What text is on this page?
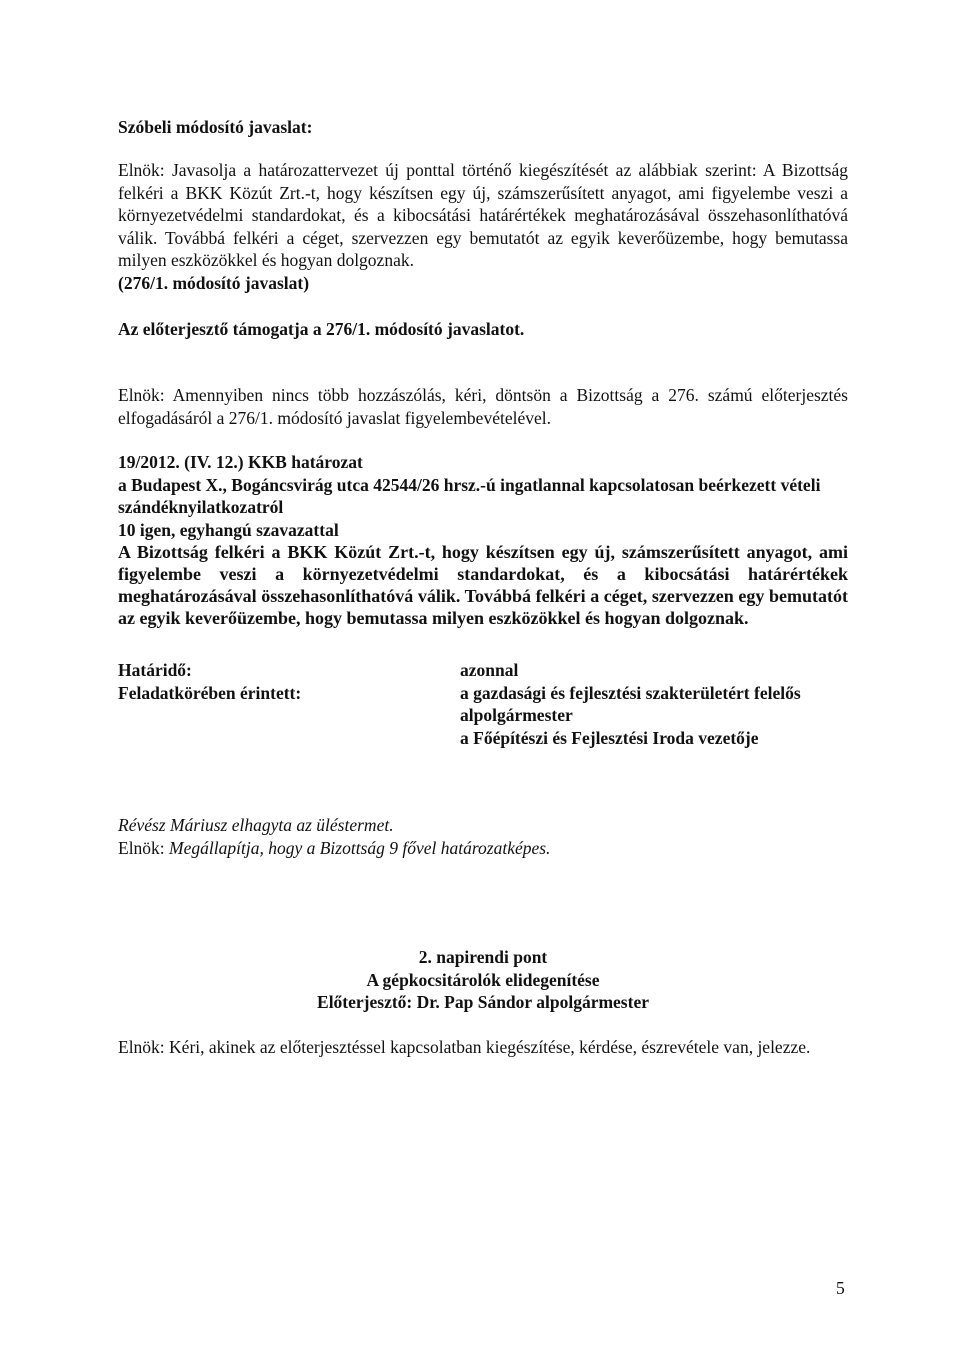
Szóbeli módosító javaslat:

Elnök: Javasolja a határozattervezet új ponttal történő kiegészítését az alábbiak szerint: A Bizottság felkéri a BKK Közút Zrt.-t, hogy készítsen egy új, számszerűsített anyagot, ami figyelembe veszi a környezetvédelmi standardokat, és a kibocsátási határértékek meghatározásával összehasonlíthatóvá válik. Továbbá felkéri a céget, szervezzen egy bemutatót az egyik keverőüzembe, hogy bemutassa milyen eszközökkel és hogyan dolgoznak.
(276/1. módosító javaslat)

Az előterjesztő támogatja a 276/1. módosító javaslatot.

Elnök: Amennyiben nincs több hozzászólás, kéri, döntsön a Bizottság a 276. számú előterjesztés elfogadásáról a 276/1. módosító javaslat figyelembevételével.

19/2012. (IV. 12.) KKB határozat

a Budapest X., Bogáncsvirág utca 42544/26 hrsz.-ú ingatlannal kapcsolatosan beérkezett vételi szándéknyilatkozatról

10 igen, egyhangú szavazattal

A Bizottság felkéri a BKK Közút Zrt.-t, hogy készítsen egy új, számszerűsített anyagot, ami figyelembe veszi a környezetvédelmi standardokat, és a kibocsátási határértékek meghatározásával összehasonlíthatóvá válik. Továbbá felkéri a céget, szervezzen egy bemutatót az egyik keverőüzembe, hogy bemutassa milyen eszközökkel és hogyan dolgoznak.

Határidő:	azonnal
Feladatkörében érintett:	a gazdasági és fejlesztési szakterületért felelős alpolgármester
a Főépítészi és Fejlesztési Iroda vezetője

Révész Máriusz elhagyta az üléstermet.

Elnök: Megállapítja, hogy a Bizottság 9 fővel határozatképes.

2. napirendi pont

A gépkocsitárolók elidegenítése

Előterjesztő: Dr. Pap Sándor alpolgármester

Elnök: Kéri, akinek az előterjesztéssel kapcsolatban kiegészítése, kérdése, észrevétele van, jelezze.
5
